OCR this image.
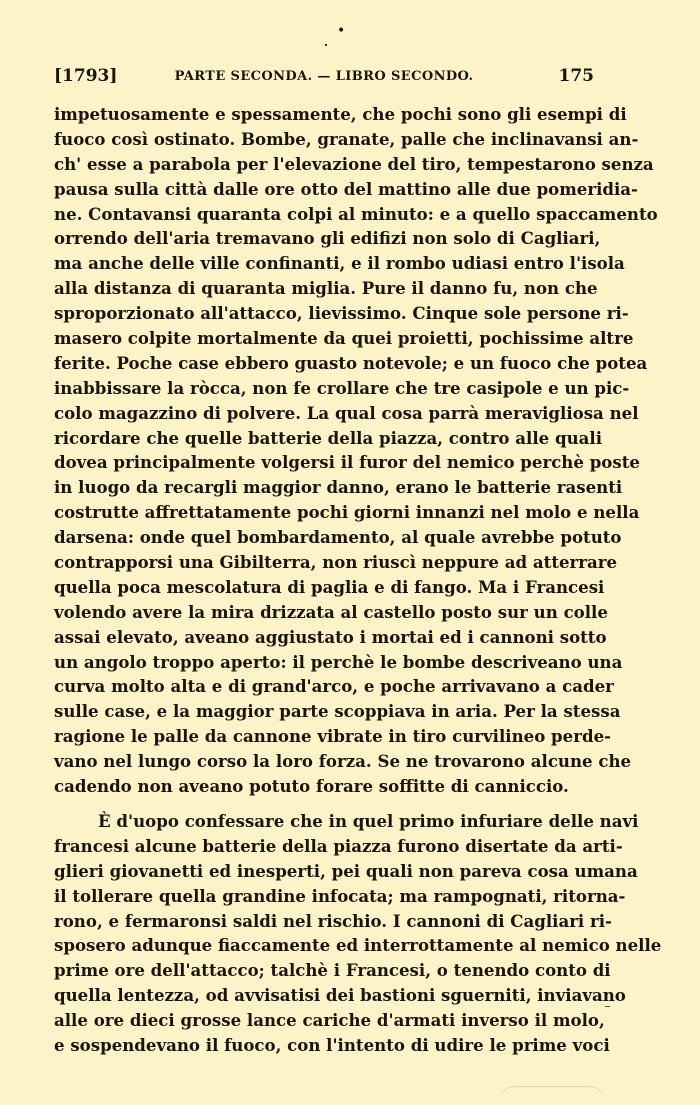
•
[1793]	PARTE SECONDA. — LIBRO SECONDO.	175
impetuosamente e spessamente, che pochi sono gli esempi di
fuoco così ostinato. Bombe, granate, palle che inclinavansi an-
ch' esse a parabola per l'elevazione del tiro, tempestarono senza
pausa sulla città dalle ore otto del mattino alle due pomeridia-
ne. Contavansi quaranta colpi al minuto: e a quello spaccamento
orrendo dell'aria tremavano gli edifizi non solo di Cagliari,
ma anche delle ville confinanti, e il rombo udiasi entro l'isola
alla distanza di quaranta miglia. Pure il danno fu, non che
sproporzionato all'attacco, lievissimo. Cinque sole persone ri-
masero colpite mortalmente da quei proietti, pochissime altre
ferite. Poche case ebbero guasto notevole; e un fuoco che potea
inabbissare la ròcca, non fe crollare che tre casipole e un pic-
colo magazzino di polvere. La qual cosa parrà meravigliosa nel
ricordare che quelle batterie della piazza, contro alle quali
dovea principalmente volgersi il furor del nemico perchè poste
in luogo da recargli maggior danno, erano le batterie rasenti
costrutte affrettatamente pochi giorni innanzi nel molo e nella
darsena: onde quel bombardamento, al quale avrebbe potuto
contrapporsi una Gibilterra, non riuscì neppure ad atterrare
quella poca mescolatura di paglia e di fango. Ma i Francesi
volendo avere la mira drizzata al castello posto sur un colle
assai elevato, aveano aggiustato i mortai ed i cannoni sotto
un angolo troppo aperto: il perchè le bombe descriveano una
curva molto alta e di grand'arco, e poche arrivavano a cader
sulle case, e la maggior parte scoppiava in aria. Per la stessa
ragione le palle da cannone vibrate in tiro curvilineo perde-
vano nel lungo corso la loro forza. Se ne trovarono alcune che
cadendo non aveano potuto forare soffitte di canniccio.
È d'uopo confessare che in quel primo infuriare delle navi
francesi alcune batterie della piazza furono disertate da arti-
glieri giovanetti ed inesperti, pei quali non pareva cosa umana
il tollerare quella grandine infocata; ma rampognati, ritorna-
rono, e fermaronsi saldi nel rischio. I cannoni di Cagliari ri-
sposero adunque fiaccamente ed interrottamente al nemico nelle
prime ore dell'attacco; talchè i Francesi, o tenendo conto di
quella lentezza, od avvisatisi dei bastioni sguerniti, inviavano
alle ore dieci grosse lance cariche d'armati inverso il molo,
e sospendevano il fuoco, con l'intento di udire le prime voci
